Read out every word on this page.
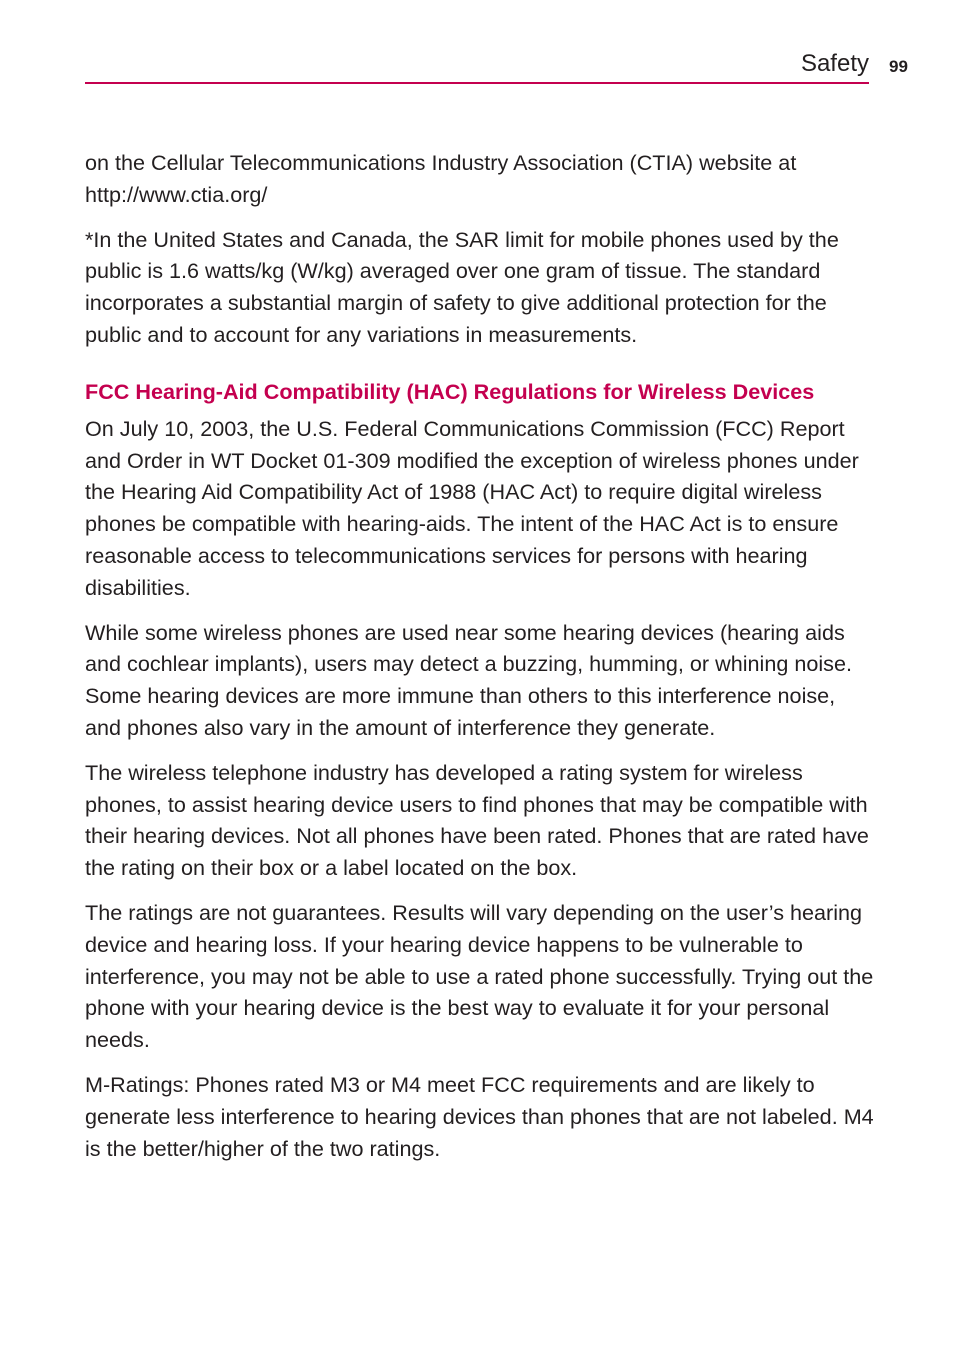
Safety 99

on the Cellular Telecommunications Industry Association (CTIA) website at http://www.ctia.org/

*In the United States and Canada, the SAR limit for mobile phones used by the public is 1.6 watts/kg (W/kg) averaged over one gram of tissue. The standard incorporates a substantial margin of safety to give additional protection for the public and to account for any variations in measurements.

FCC Hearing-Aid Compatibility (HAC) Regulations for Wireless Devices

On July 10, 2003, the U.S. Federal Communications Commission (FCC) Report and Order in WT Docket 01-309 modified the exception of wireless phones under the Hearing Aid Compatibility Act of 1988 (HAC Act) to require digital wireless phones be compatible with hearing-aids. The intent of the HAC Act is to ensure reasonable access to telecommunications services for persons with hearing disabilities.

While some wireless phones are used near some hearing devices (hearing aids and cochlear implants), users may detect a buzzing, humming, or whining noise. Some hearing devices are more immune than others to this interference noise, and phones also vary in the amount of interference they generate.

The wireless telephone industry has developed a rating system for wireless phones, to assist hearing device users to find phones that may be compatible with their hearing devices. Not all phones have been rated. Phones that are rated have the rating on their box or a label located on the box.

The ratings are not guarantees. Results will vary depending on the user’s hearing device and hearing loss. If your hearing device happens to be vulnerable to interference, you may not be able to use a rated phone successfully. Trying out the phone with your hearing device is the best way to evaluate it for your personal needs.

M-Ratings: Phones rated M3 or M4 meet FCC requirements and are likely to generate less interference to hearing devices than phones that are not labeled. M4 is the better/higher of the two ratings.
